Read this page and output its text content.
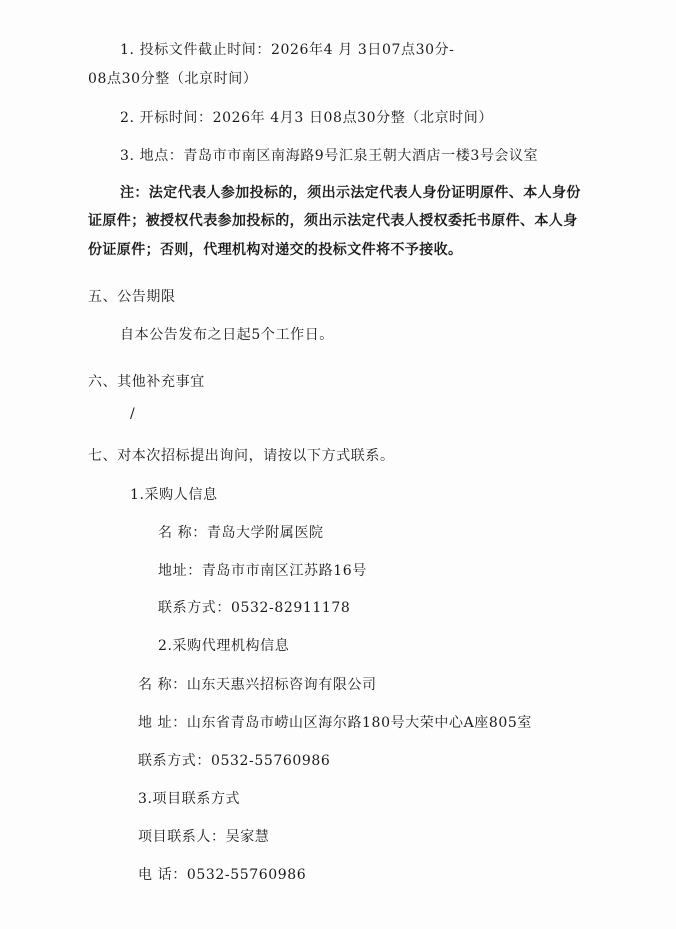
1. 投标文件截止时间：2026年4 月 3日07点30分-
08点30分整（北京时间）
2. 开标时间：2026年 4月3 日08点30分整（北京时间）
3. 地点：青岛市市南区南海路9号汇泉王朝大酒店一楼3号会议室
注：法定代表人参加投标的，须出示法定代表人身份证明原件、本人身份
证原件；被授权代表参加投标的，须出示法定代表人授权委托书原件、本人身
份证原件；否则，代理机构对递交的投标文件将不予接收。
五、公告期限
自本公告发布之日起5个工作日。
六、其他补充事宜
/
七、对本次招标提出询问，请按以下方式联系。
1.采购人信息
名 称：青岛大学附属医院
地址：青岛市市南区江苏路16号
联系方式：0532-82911178
2.采购代理机构信息
名 称：山东天惠兴招标咨询有限公司
地 址：山东省青岛市崂山区海尔路180号大荣中心A座805室
联系方式：0532-55760986
3.项目联系方式
项目联系人：吴家慧
电 话：0532-55760986
